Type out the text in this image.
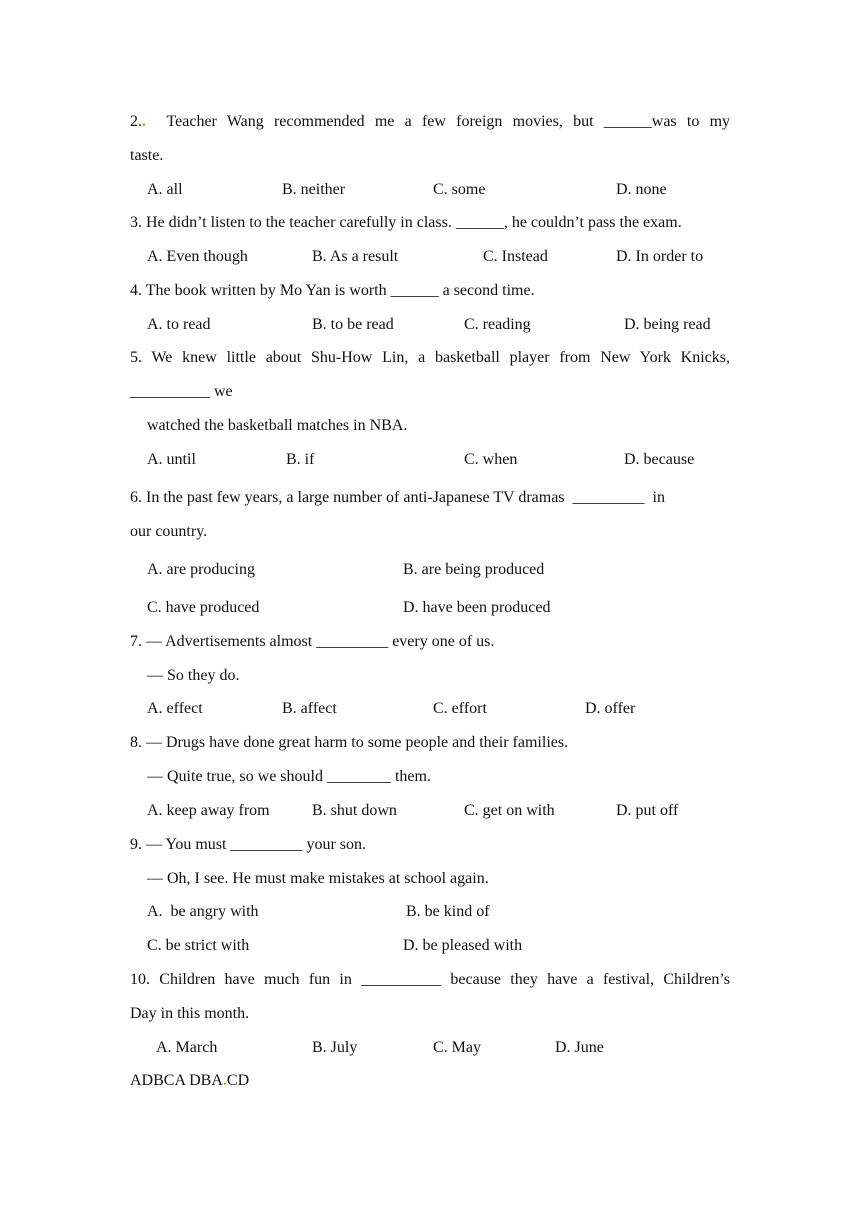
2.. Teacher Wang recommended me a few foreign movies, but ______was to my
taste.
A. all	B. neither	C. some	D. none
3. He didn’t listen to the teacher carefully in class. ______, he couldn’t pass the exam.
A. Even though	B. As a result	C. Instead	D. In order to
4. The book written by Mo Yan is worth ______ a second time.
A. to read	B. to be read	C. reading	D. being read
5. We knew little about Shu-How Lin, a basketball player from New York Knicks,
__________ we
watched the basketball matches in NBA.
A. until	B. if	C. when	D. because
6. In the past few years, a large number of anti-Japanese TV dramas  _________  in
our country.
A. are producing	B. are being produced
C. have produced	D. have been produced
7. — Advertisements almost _________ every one of us.
— So they do.
A. effect	B. affect	C. effort	D. offer
8. — Drugs have done great harm to some people and their families.
— Quite true, so we should ________ them.
A. keep away from	B. shut down	C. get on with	D. put off
9. — You must _________ your son.
— Oh, I see. He must make mistakes at school again.
A.  be angry with	B. be kind of
C. be strict with	D. be pleased with
10. Children have much fun in __________ because they have a festival, Children’s
Day in this month.
A. March	B. July	C. May	D. June
ADBCA DBA.CD
